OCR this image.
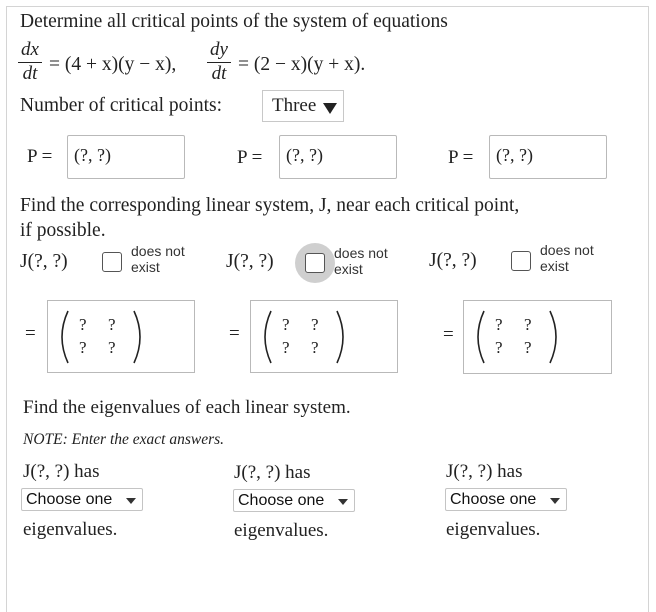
Determine all critical points of the system of equations
dx
dt = (4 + x)(y − x),
dy
dt = (2 − x)(y + x).
Number of critical points:	Three
P =	(?, ?)	P =	(?, ?)	P =	(?, ?)
Find the corresponding linear system, J, near each critical point,
if possible.
J(?, ?)	does not
exist	J(?, ?)	does not
exist	J(?, ?)	does not
exist
=	? ?
? ?
= ? ?
? ?
= ? ?
? ?
Find the eigenvalues of each linear system.
NOTE: Enter the exact answers.
J(?, ?) has
Choose one
eigenvalues.
J(?, ?) has
Choose one
eigenvalues.
J(?, ?) has
Choose one
eigenvalues.
